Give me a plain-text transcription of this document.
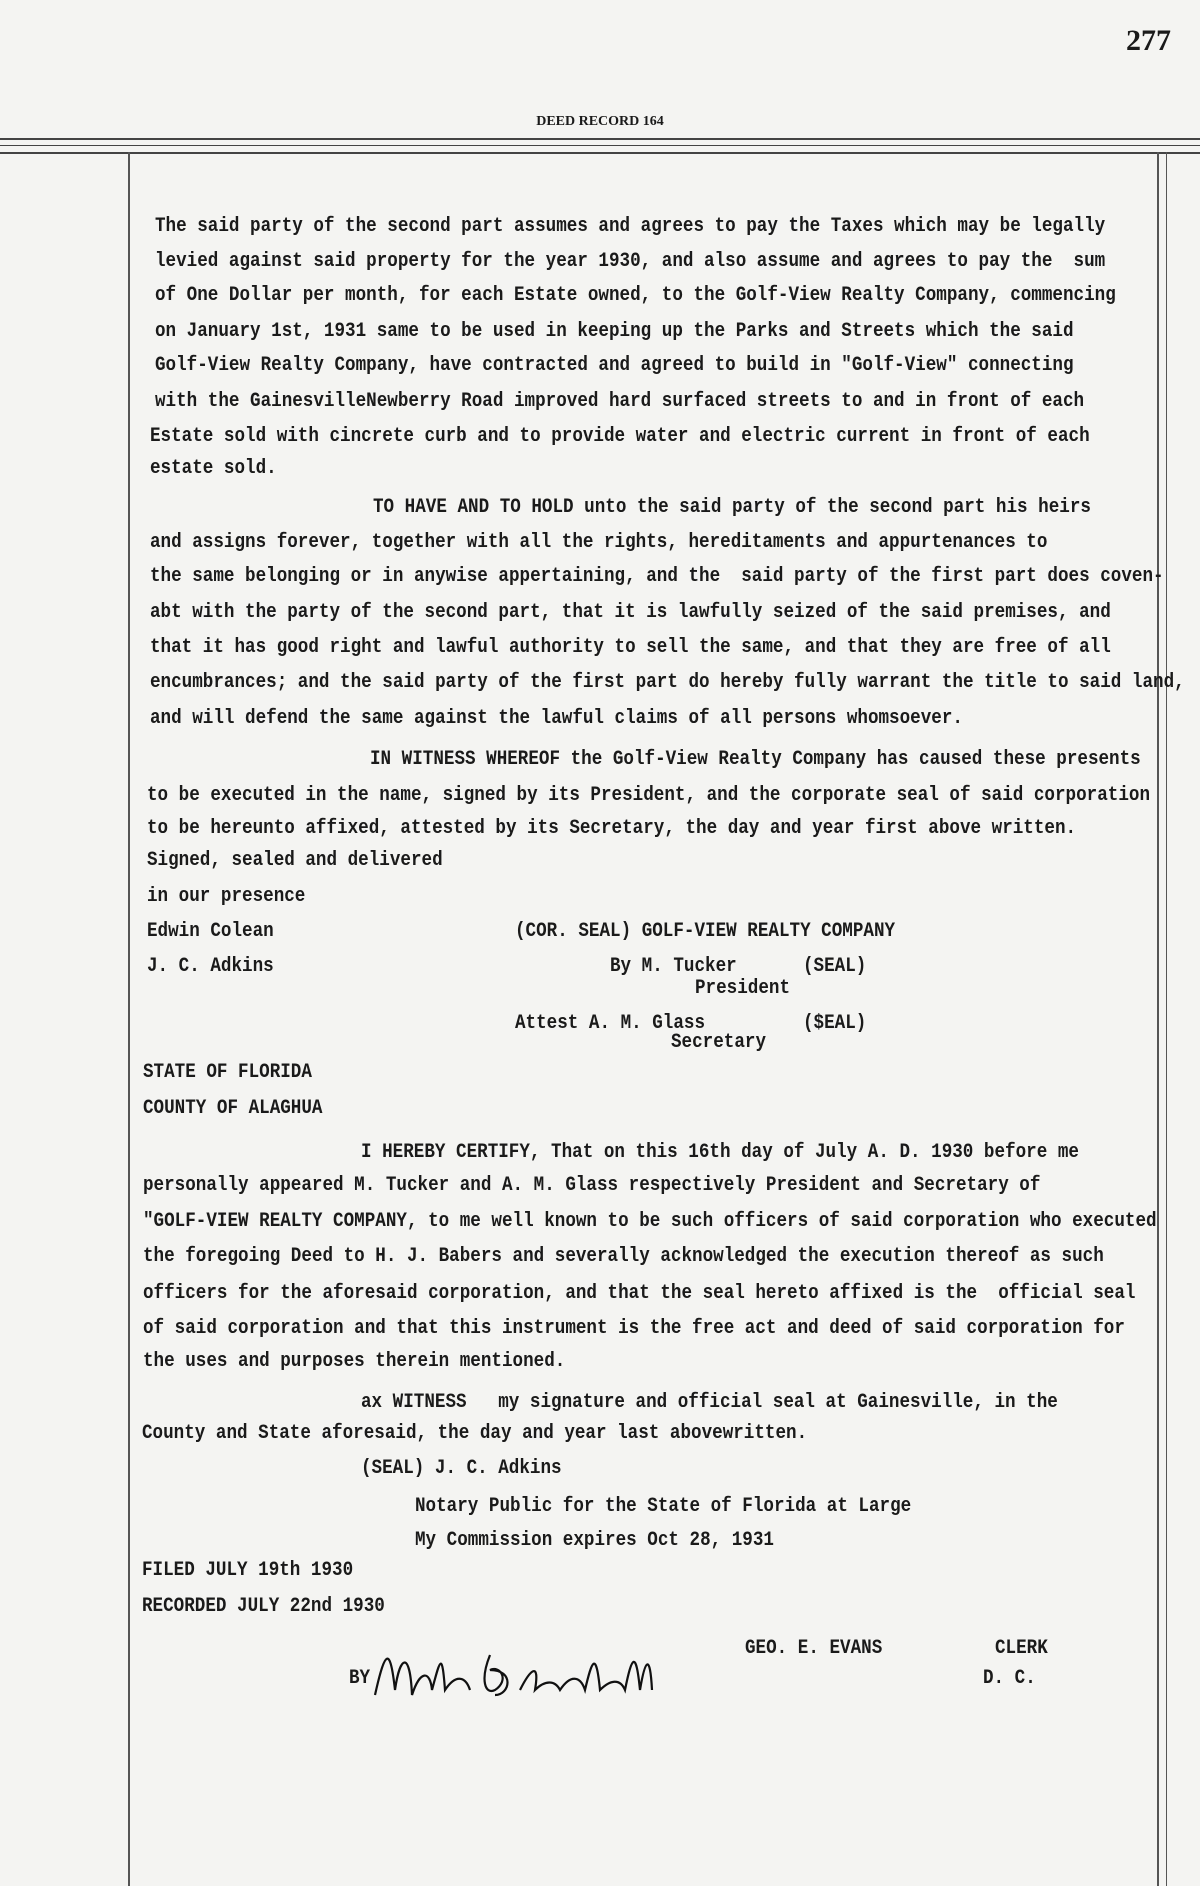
277
DEED RECORD 164
The said party of the second part assumes and agrees to pay the Taxes which may be legally
levied against said property for the year 1930, and also assume and agrees to pay the  sum
of One Dollar per month, for each Estate owned, to the Golf-View Realty Company, commencing
on January 1st, 1931 same to be used in keeping up the Parks and Streets which the said
Golf-View Realty Company, have contracted and agreed to build in "Golf-View" connecting
with the GainesvilleNewberry Road improved hard surfaced streets to and in front of each
Estate sold with cincrete curb and to provide water and electric current in front of each
estate sold.
TO HAVE AND TO HOLD unto the said party of the second part his heirs
and assigns forever, together with all the rights, hereditaments and appurtenances to
the same belonging or in anywise appertaining, and the  said party of the first part does coven-
abt with the party of the second part, that it is lawfully seized of the said premises, and
that it has good right and lawful authority to sell the same, and that they are free of all
encumbrances; and the said party of the first part do hereby fully warrant the title to said land,
and will defend the same against the lawful claims of all persons whomsoever.
IN WITNESS WHEREOF the Golf-View Realty Company has caused these presents
to be executed in the name, signed by its President, and the corporate seal of said corporation
to be hereunto affixed, attested by its Secretary, the day and year first above written.
Signed, sealed and delivered
in our presence
Edwin Colean	(COR. SEAL) GOLF-VIEW REALTY COMPANY
J. C. Adkins	By M. Tucker	(SEAL)
President
Attest A. M. Glass	($EAL)
Secretary
STATE OF FLORIDA
COUNTY OF ALAGHUA
I HEREBY CERTIFY, That on this 16th day of July A. D. 1930 before me
personally appeared M. Tucker and A. M. Glass respectively President and Secretary of
"GOLF-VIEW REALTY COMPANY, to me well known to be such officers of said corporation who executed
the foregoing Deed to H. J. Babers and severally acknowledged the execution thereof as such
officers for the aforesaid corporation, and that the seal hereto affixed is the  official seal
of said corporation and that this instrument is the free act and deed of said corporation for
the uses and purposes therein mentioned.
ax WITNESS   my signature and official seal at Gainesville, in the
County and State aforesaid, the day and year last abovewritten.
(SEAL) J. C. Adkins
Notary Public for the State of Florida at Large
My Commission expires Oct 28, 1931
FILED JULY 19th 1930
RECORDED JULY 22nd 1930
GEO. E. EVANS	CLERK
BY	D. C.
